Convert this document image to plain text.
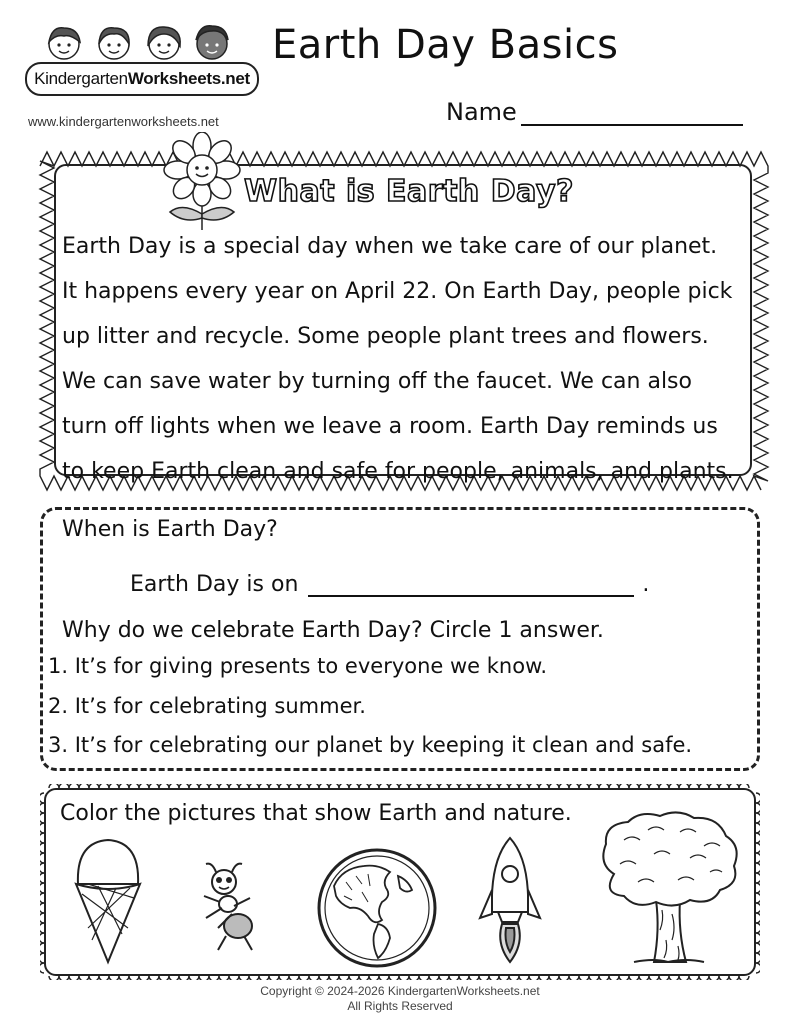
Kindergarten Worksheets.net
www.kindergartenworksheets.net
Earth Day Basics
Name
What is Earth Day?
Earth Day is a special day when we take care of our planet.
It happens every year on April 22. On Earth Day, people pick
up litter and recycle. Some people plant trees and flowers.
We can save water by turning off the faucet. We can also
turn off lights when we leave a room. Earth Day reminds us
to keep Earth clean and safe for people, animals, and plants.
When is Earth Day?
Earth Day is on	.
Why do we celebrate Earth Day? Circle 1 answer.
1. It’s for giving presents to everyone we know.
2. It’s for celebrating summer.
3. It’s for celebrating our planet by keeping it clean and safe.
Color the pictures that show Earth and nature.
Copyright © 2024-2026 KindergartenWorksheets.net
All Rights Reserved
